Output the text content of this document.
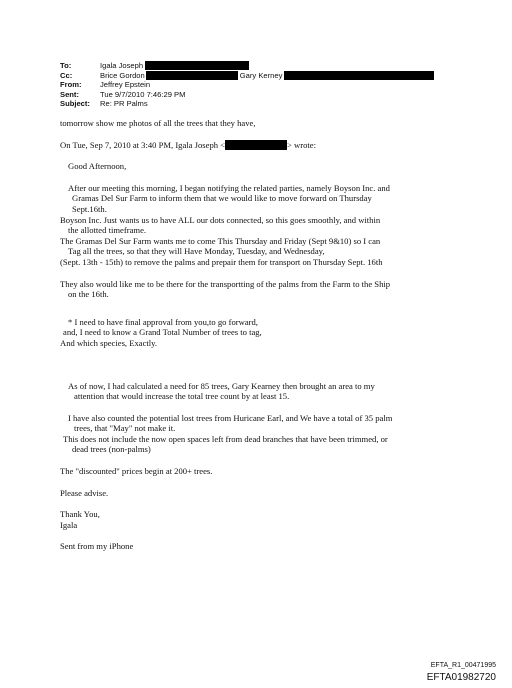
To:	Igala Joseph
Cc:	Brice Gordon	Gary Kerney
From: Jeffrey Epstein
Sent:	Tue 9/7/2010 7:46:29 PM
Subject: Re: PR Palms

tomorrow show me photos of all the trees that they have,

On Tue, Sep 7, 2010 at 3:40 PM, Igala Joseph <	> wrote:

Good Afternoon,

After our meeting this morning, I began notifying the related parties, namely Boyson Inc. and

Gramas Del Sur Farm to inform them that we would like to move forward on Thursday

Sept.16th.

Boyson Inc. Just wants us to have ALL our dots connected, so this goes smoothly, and within

the allotted timeframe.

The Gramas Del Sur Farm wants me to come This Thursday and Friday (Sept 9&10) so I can

Tag all the trees, so that they will Have Monday, Tuesday, and Wednesday,

(Sept. 13th - 15th) to remove the palms and prepair them for transport on Thursday Sept. 16th

They also would like me to be there for the transportting of the palms from the Farm to the Ship

on the 16th.

* I need to have final approval from you,to go forward,

and, I need to know a Grand Total Number of trees to tag,

And which species, Exactly.

As of now, I had calculated a need for 85 trees, Gary Kearney then brought an area to my

attention that would increase the total tree count by at least 15.

I have also counted the potential lost trees from Huricane Earl, and We have a total of 35 palm

trees, that "May" not make it.

This does not include the now open spaces left from dead branches that have been trimmed, or

dead trees (non-palms)

The "discounted" prices begin at 200+ trees.

Please advise.

Thank You,

Igala

Sent from my iPhone

EFTA_R1_00471995
EFTA01982720
